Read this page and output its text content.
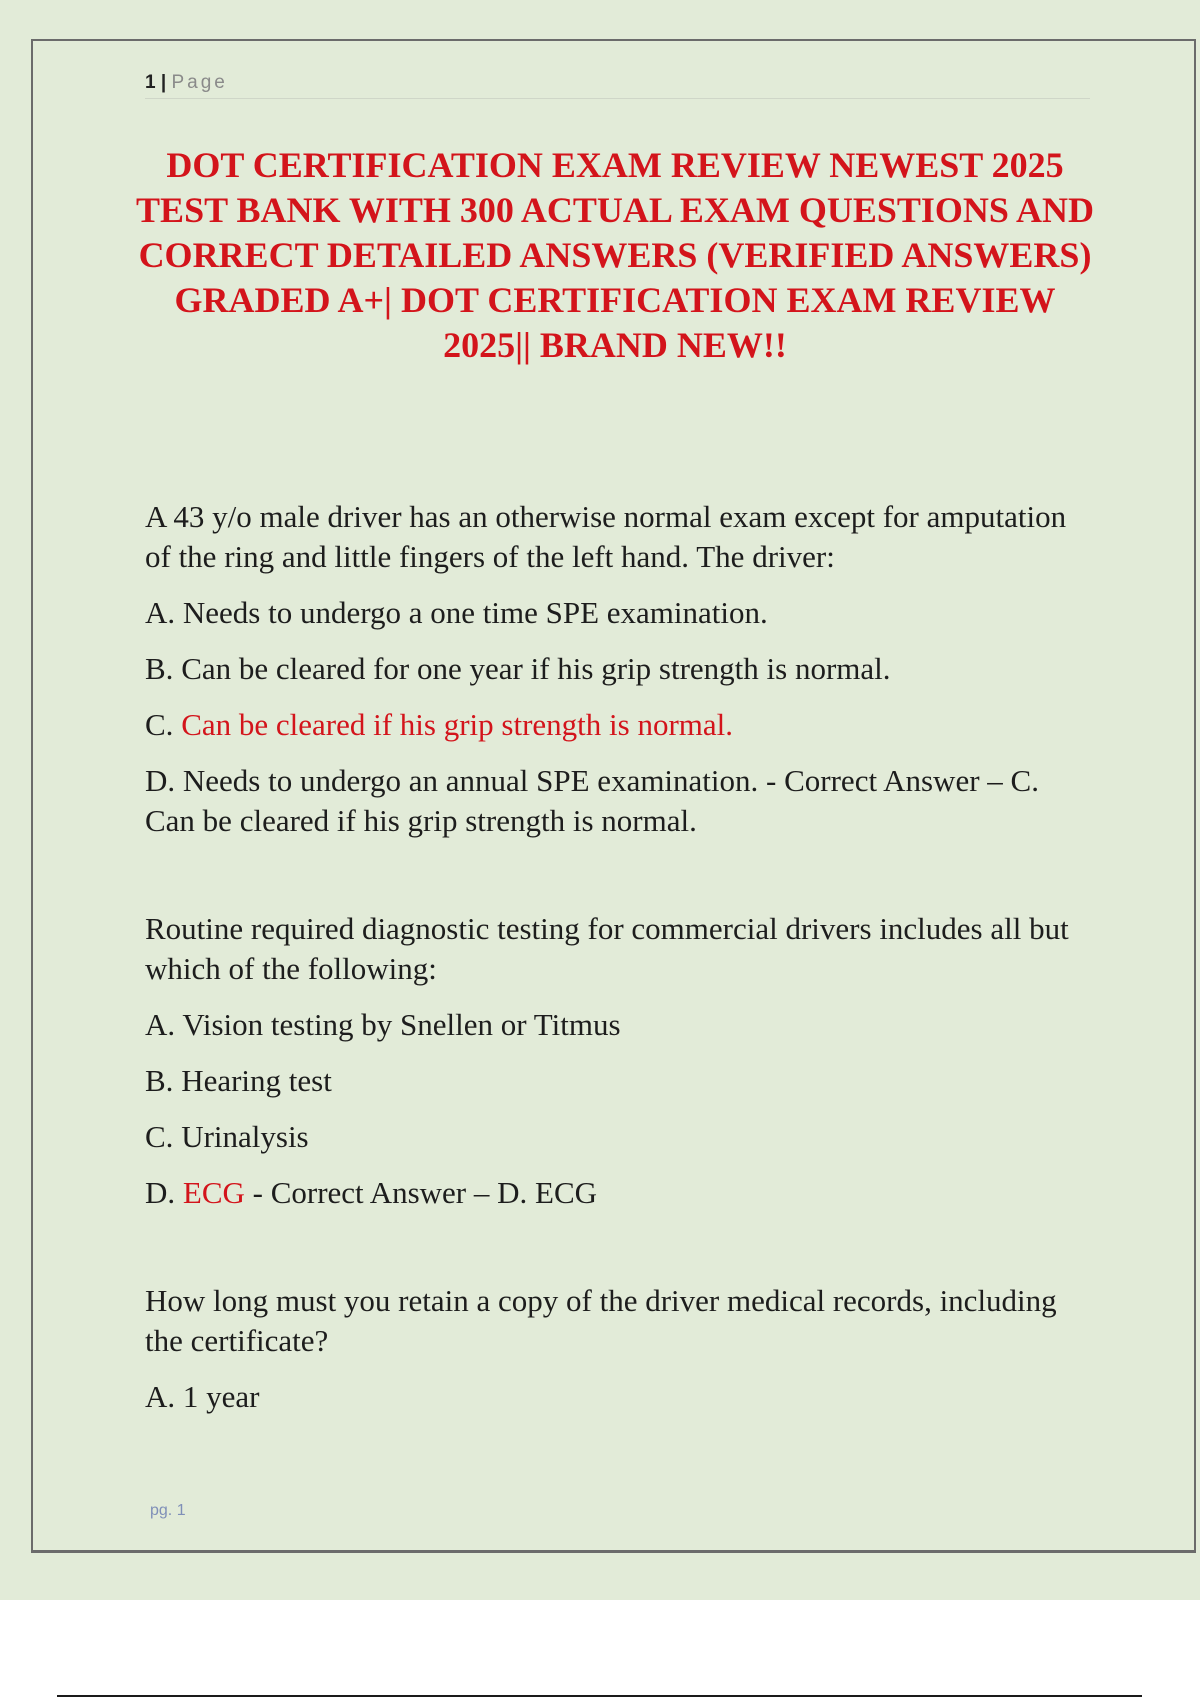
1 | Page
DOT CERTIFICATION EXAM REVIEW NEWEST 2025 TEST BANK WITH 300 ACTUAL EXAM QUESTIONS AND CORRECT DETAILED ANSWERS (VERIFIED ANSWERS) GRADED A+| DOT CERTIFICATION EXAM REVIEW 2025|| BRAND NEW!!

A 43 y/o male driver has an otherwise normal exam except for amputation of the ring and little fingers of the left hand. The driver:

A. Needs to undergo a one time SPE examination.

B. Can be cleared for one year if his grip strength is normal.

C. Can be cleared if his grip strength is normal.

D. Needs to undergo an annual SPE examination. - Correct Answer – C. Can be cleared if his grip strength is normal.

Routine required diagnostic testing for commercial drivers includes all but which of the following:

A. Vision testing by Snellen or Titmus

B. Hearing test

C. Urinalysis

D. ECG - Correct Answer – D. ECG

How long must you retain a copy of the driver medical records, including the certificate?

A. 1 year

pg. 1
